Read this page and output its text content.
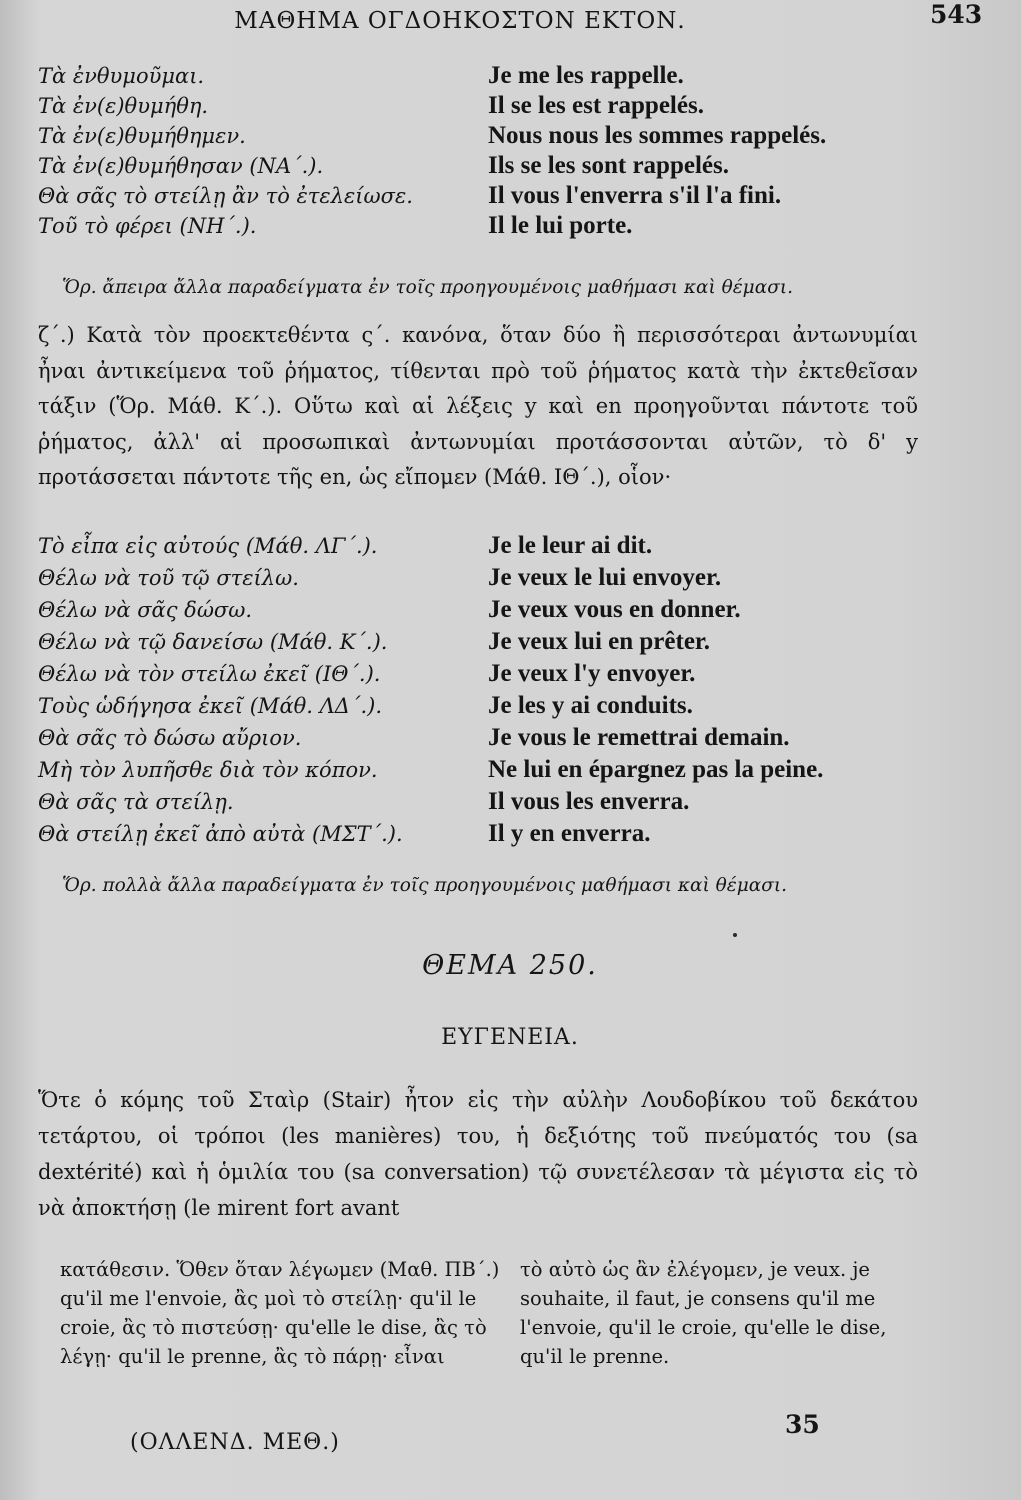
ΜΑΘΗΜΑ ΟΓΔΟΗΚΟΣΤΟΝ ΕΚΤΟΝ.	543
Τὰ ἐνθυμοῦμαι.	Je me les rappelle.
Τὰ ἐν(ε)θυμήθη.	Il se les est rappelés.
Τὰ ἐν(ε)θυμήθημεν.	Nous nous les sommes rappelés.
Τὰ ἐν(ε)θυμήθησαν (ΝΑ΄.).	Ils se les sont rappelés.
Θὰ σᾶς τὸ στείλῃ ἂν τὸ ἐτελείωσε.	Il vous l'enverra s'il l'a fini.
Τοῦ τὸ φέρει (ΝΗ΄.).	Il le lui porte.
Ὅρ. ἄπειρα ἄλλα παραδείγματα ἐν τοῖς προηγουμένοις μαθήμασι καὶ θέμασι.
ζ΄.) Κατὰ τὸν προεκτεθέντα ς΄. κανόνα, ὅταν δύο ἢ περισσότεραι ἀντωνυμίαι ἦναι ἀντικείμενα τοῦ ῥήματος, τίθενται πρὸ τοῦ ῥήματος κατὰ τὴν ἐκτεθεῖσαν τάξιν (Ὅρ. Μάθ. Κ΄.). Οὕτω καὶ αἱ λέξεις y καὶ en προηγοῦνται πάντοτε τοῦ ῥήματος, ἀλλ' αἱ προσωπικαὶ ἀντωνυμίαι προτάσσονται αὐτῶν, τὸ δ' y προτάσσεται πάντοτε τῆς en, ὡς εἴπομεν (Μάθ. ΙΘ΄.), οἷον·
Τὸ εἶπα εἰς αὐτούς (Μάθ. ΛΓ΄.).	Je le leur ai dit.
Θέλω νὰ τοῦ τῷ στείλω.	Je veux le lui envoyer.
Θέλω νὰ σᾶς δώσω.	Je veux vous en donner.
Θέλω νὰ τῷ δανείσω (Μάθ. Κ΄.).	Je veux lui en prêter.
Θέλω νὰ τὸν στείλω ἐκεῖ (ΙΘ΄.).	Je veux l'y envoyer.
Τοὺς ὡδήγησα ἐκεῖ (Μάθ. ΛΔ΄.).	Je les y ai conduits.
Θὰ σᾶς τὸ δώσω αὔριον.	Je vous le remettrai demain.
Μὴ τὸν λυπῆσθε διὰ τὸν κόπον.	Ne lui en épargnez pas la peine.
Θὰ σᾶς τὰ στείλῃ.	Il vous les enverra.
Θὰ στείλῃ ἐκεῖ ἀπὸ αὐτὰ (ΜΣΤ΄.).	Il y en enverra.
Ὅρ. πολλὰ ἄλλα παραδείγματα ἐν τοῖς προηγουμένοις μαθήμασι καὶ θέμασι.
ΘΕΜΑ 250.
ΕΥΓΕΝΕΙΑ.
Ὅτε ὁ κόμης τοῦ Σταὶρ (Stair) ἦτον εἰς τὴν αὐλὴν Λουδοβίκου τοῦ δεκάτου τετάρτου, οἱ τρόποι (les manières) του, ἡ δεξιότης τοῦ πνεύματός του (sa dextérité) καὶ ἡ ὁμιλία του (sa conversation) τῷ συνετέλεσαν τὰ μέγιστα εἰς τὸ νὰ ἀποκτήσῃ (le mirent fort avant
κατάθεσιν. Ὅθεν ὅταν λέγωμεν (Μαθ. ΠΒ΄.) qu'il me l'envoie, ἂς μοὶ τὸ στείλῃ· qu'il le croie, ἂς τὸ πιστεύσῃ· qu'elle le dise, ἂς τὸ λέγῃ· qu'il le prenne, ἂς τὸ πάρῃ· εἶναι
τὸ αὐτὸ ὡς ἂν ἐλέγομεν, je veux. je souhaite, il faut, je consens qu'il me l'envoie, qu'il le croie, qu'elle le dise, qu'il le prenne.
(ΟΛΛΕΝΔ. ΜΕΘ.)
35
